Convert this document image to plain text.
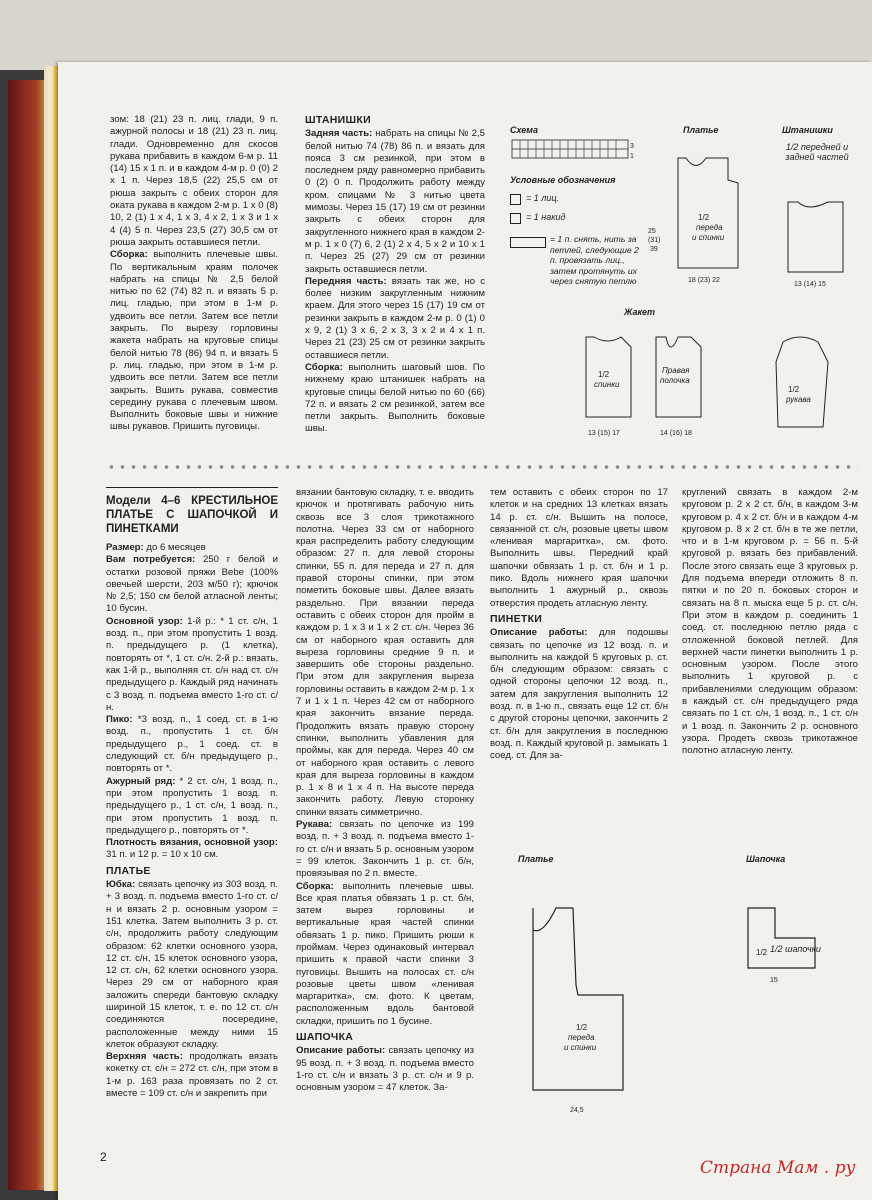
зом: 18 (21) 23 п. лиц. глади, 9 п. ажурной полосы и 18 (21) 23 п. лиц. глади. Одновременно для скосов рукава прибавить в каждом 6-м р. 11 (14) 15 х 1 п. и в каждом 4-м р. 0 (0) 2 х 1 п. Через 18,5 (22) 25,5 см от рюша закрыть с обеих сторон для оката рукава в каждом 2-м р. 1 х 0 (8) 10, 2 (1) 1 х 4, 1 х 3, 4 х 2, 1 х 3 и 1 х 4 (4) 5 п. Через 23,5 (27) 30,5 см от рюша закрыть оставшиеся петли.

Сборка: выполнить плечевые швы. По вертикальным краям полочек набрать на спицы № 2,5 белой нитью по 62 (74) 82 п. и вязать 5 р. лиц. гладью, при этом в 1-м р. удвоить все петли. Затем все петли закрыть. По вырезу горловины жакета набрать на круговые спицы белой нитью 78 (86) 94 п. и вязать 5 р. лиц. гладью, при этом в 1-м р. удвоить все петли. Затем все петли закрыть. Вшить рукава, совместив середину рукава с плечевым швом. Выполнить боковые швы и нижние швы рукавов. Пришить пуговицы.

ШТАНИШКИ

Задняя часть: набрать на спицы № 2,5 белой нитью 74 (78) 86 п. и вязать для пояса 3 см резинкой, при этом в последнем ряду равномерно прибавить 0 (2) 0 п. Продолжить работу между кром. спицами № 3 нитью цвета мимозы. Через 15 (17) 19 см от резинки закрыть с обеих сторон для закругленного нижнего края в каждом 2-м р. 1 х 0 (7) 6, 2 (1) 2 х 4, 5 х 2 и 10 х 1 п. Через 25 (27) 29 см от резинки закрыть оставшиеся петли.

Передняя часть: вязать так же, но с более низким закругленным нижним краем. Для этого через 15 (17) 19 см от резинки закрыть в каждом 2-м р. 0 (1) 0 х 9, 2 (1) 3 х 6, 2 х 3, 3 х 2 и 4 х 1 п. Через 21 (23) 25 см от резинки закрыть оставшиеся петли.

Сборка: выполнить шаговый шов. По нижнему краю штанишек набрать на круговые спицы белой нитью по 60 (66) 72 п. и вязать 2 см резинкой, затем все петли закрыть. Выполнить боковые швы.

Схема
3
1
Условные обозначения
= 1 лиц.
= 1 накид
= 1 п. снять, нить за петлей, следующие 2 п. провязать лиц., затем протянуть их через снятую петлю
Платье
1/2
переда
и спинки
18 (23) 22
25
(31)
39
Штанишки
1/2 передней и задней частей
13 (14) 15
Жакет
1/2
спинки
Правая
полочка
13 (15) 17	14 (16) 18
1/2
рукава
Модели 4–6 КРЕСТИЛЬНОЕ ПЛАТЬЕ С ШАПОЧКОЙ И ПИНЕТКАМИ

Размер: до 6 месяцев

Вам потребуется: 250 г белой и остатки розовой пряжи Bebe (100% овечьей шерсти, 203 м/50 г); крючок № 2,5; 150 см белой атласной ленты; 10 бусин.

Основной узор: 1-й р.: * 1 ст. с/н, 1 возд. п., при этом пропустить 1 возд. п. предыдущего р. (1 клетка), повторять от *, 1 ст. с/н. 2-й р.: вязать, как 1-й р., выполняя ст. с/н над ст. с/н предыдущего р. Каждый ряд начинать с 3 возд. п. подъема вместо 1-го ст. с/н.

Пико: *3 возд. п., 1 соед. ст. в 1-ю возд. п., пропустить 1 ст. б/н предыдущего р., 1 соед. ст. в следующий ст. б/н предыдущего р., повторять от *.

Ажурный ряд: * 2 ст. с/н, 1 возд. п., при этом пропустить 1 возд. п. предыдущего р., 1 ст. с/н, 1 возд. п., при этом пропустить 1 возд. п. предыдущего р., повторять от *.

Плотность вязания, основной узор: 31 п. и 12 р. = 10 х 10 см.

ПЛАТЬЕ

Юбка: связать цепочку из 303 возд. п. + 3 возд. п. подъема вместо 1-го ст. с/н и вязать 2 р. основным узором = 151 клетка. Затем выполнить 3 р. ст. с/н, продолжить работу следующим образом: 62 клетки основного узора, 12 ст. с/н, 15 клеток основного узора, 12 ст. с/н, 62 клетки основного узора. Через 29 см от наборного края заложить спереди бантовую складку шириной 15 клеток, т. е. по 12 ст. с/н соединяются посередине, расположенные между ними 15 клеток образуют складку.

Верхняя часть: продолжать вязать кокетку ст. с/н = 272 ст. с/н, при этом в 1-м р. 163 раза провязать по 2 ст. вместе = 109 ст. с/н и закрепить при

вязании бантовую складку, т. е. вводить крючок и протягивать рабочую нить сквозь все 3 слоя трикотажного полотна. Через 33 см от наборного края распределить работу следующим образом: 27 п. для левой стороны спинки, 55 п. для переда и 27 п. для правой стороны спинки, при этом пометить боковые швы. Далее вязать раздельно. При вязании переда оставить с обеих сторон для пройм в каждом р. 1 х 3 и 1 х 2 ст. с/н. Через 36 см от наборного края оставить для выреза горловины средние 9 п. и завершить обе стороны раздельно. При этом для закругления выреза горловины оставить в каждом 2-м р. 1 х 7 и 1 х 1 п. Через 42 см от наборного края закончить вязание переда. Продолжить вязать правую сторону спинки, выполнить убавления для проймы, как для переда. Через 40 см от наборного края оставить с левого края для выреза горловины в каждом р. 1 х 8 и 1 х 4 п. На высоте переда закончить работу. Левую сторонку спинки вязать симметрично.

Рукава: связать по цепочке из 199 возд. п. + 3 возд. п. подъема вместо 1-го ст. с/н и вязать 5 р. основным узором = 99 клеток. Закончить 1 р. ст. б/н, провязывая по 2 п. вместе.

Сборка: выполнить плечевые швы. Все края платья обвязать 1 р. ст. б/н, затем вырез горловины и вертикальные края частей спинки обвязать 1 р. пико. Пришить рюши к проймам. Через одинаковый интервал пришить к правой части спинки 3 пуговицы. Вышить на полосах ст. с/н розовые цветы швом «ленивая маргаритка», см. фото. К цветам, расположенным вдоль бантовой складки, пришить по 1 бусине.

ШАПОЧКА

Описание работы: связать цепочку из 95 возд. п. + 3 возд. п. подъема вместо 1-го ст. с/н и вязать 3 р. ст. с/н и 9 р. основным узором = 47 клеток. За-

тем оставить с обеих сторон по 17 клеток и на средних 13 клетках вязать 14 р. ст. с/н. Вышить на полосе, связанной ст. с/н, розовые цветы швом «ленивая маргаритка», см. фото. Выполнить швы. Передний край шапочки обвязать 1 р. ст. б/н и 1 р. пико. Вдоль нижнего края шапочки выполнить 1 ажурный р., сквозь отверстия продеть атласную ленту.

ПИНЕТКИ

Описание работы: для подошвы связать по цепочке из 12 возд. п. и выполнить на каждой 5 круговых р. ст. б/н следующим образом: связать с одной стороны цепочки 12 возд. п., затем для закругления выполнить 12 возд. п. в 1-ю п., связать еще 12 ст. б/н с другой стороны цепочки, закончить 2 ст. б/н для закругления в последнюю возд. п. Каждый круговой р. замыкать 1 соед. ст. Для за-

круглений связать в каждом 2-м круговом р. 2 х 2 ст. б/н, в каждом 3-м круговом р. 4 х 2 ст. б/н и в каждом 4-м круговом р. 8 х 2 ст. б/н в те же петли, что и в 1-м круговом р. = 56 п. 5-й круговой р. вязать без прибавлений. После этого связать еще 3 круговых р. Для подъема впереди отложить 8 п. пятки и по 20 п. боковых сторон и связать на 8 п. мыска еще 5 р. ст. с/н. При этом в каждом р. соединить 1 соед. ст. последнюю петлю ряда с отложенной боковой петлей. Для верхней части пинетки выполнить 1 р. основным узором. После этого выполнить 1 круговой р. с прибавлениями следующим образом: в каждый ст. с/н предыдущего ряда связать по 1 ст. с/н, 1 возд. п., 1 ст. с/н и 1 возд. п. Закончить 2 р. основного узора. Продеть сквозь трикотажное полотно атласную ленту.

Платье
1/2
переда
и спинки
24,5
Шапочка
1/2
15
1/2 шапочки
2
Страна Мам . ру
